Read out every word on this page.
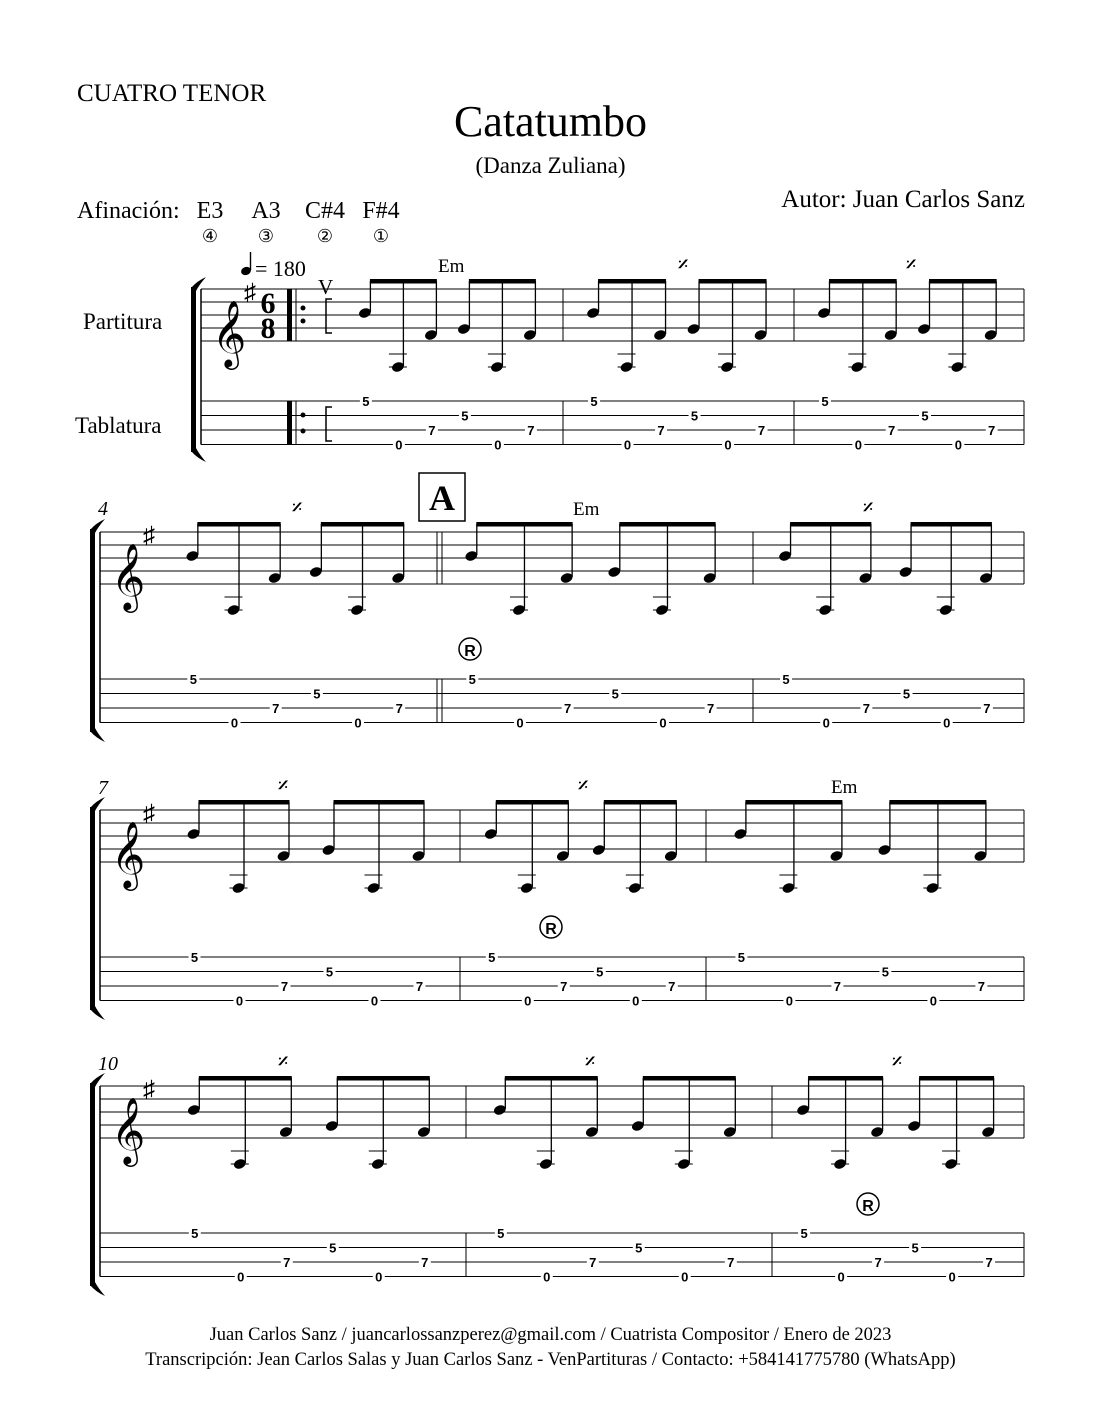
CUATRO TENOR
Catatumbo
(Danza Zuliana)
Autor: Juan Carlos Sanz
Afinación: E3	A3	C#4 F#4
④	③	②	①
Partitura
Tablatura
= 180
V
A
4
7
10
Em
Em
Em
𝄎	𝄎
𝄎	𝄎
𝄎	𝄎
𝄎	𝄎	𝄎
R
R
R
𝄞
♯ 6
8
5
0
7
5
0
7
5
0
7
5
0
7
5
0
7
5
0
7
𝄞
♯
5
0
7
5
0
7
5
0
7
5
0
7
5
0
7
5
0
7
𝄞
♯
5
0
7
5
0
7
5
0
7
5
0
7
5
0
7
5
0
7
𝄞
♯
5
0
7
5
0
7
5
0
7
5
0
7
5
0
7
5
0
7
Juan Carlos Sanz / juancarlossanzperez@gmail.com / Cuatrista Compositor / Enero de 2023
Transcripción: Jean Carlos Salas y Juan Carlos Sanz - VenPartituras / Contacto: +584141775780 (WhatsApp)
